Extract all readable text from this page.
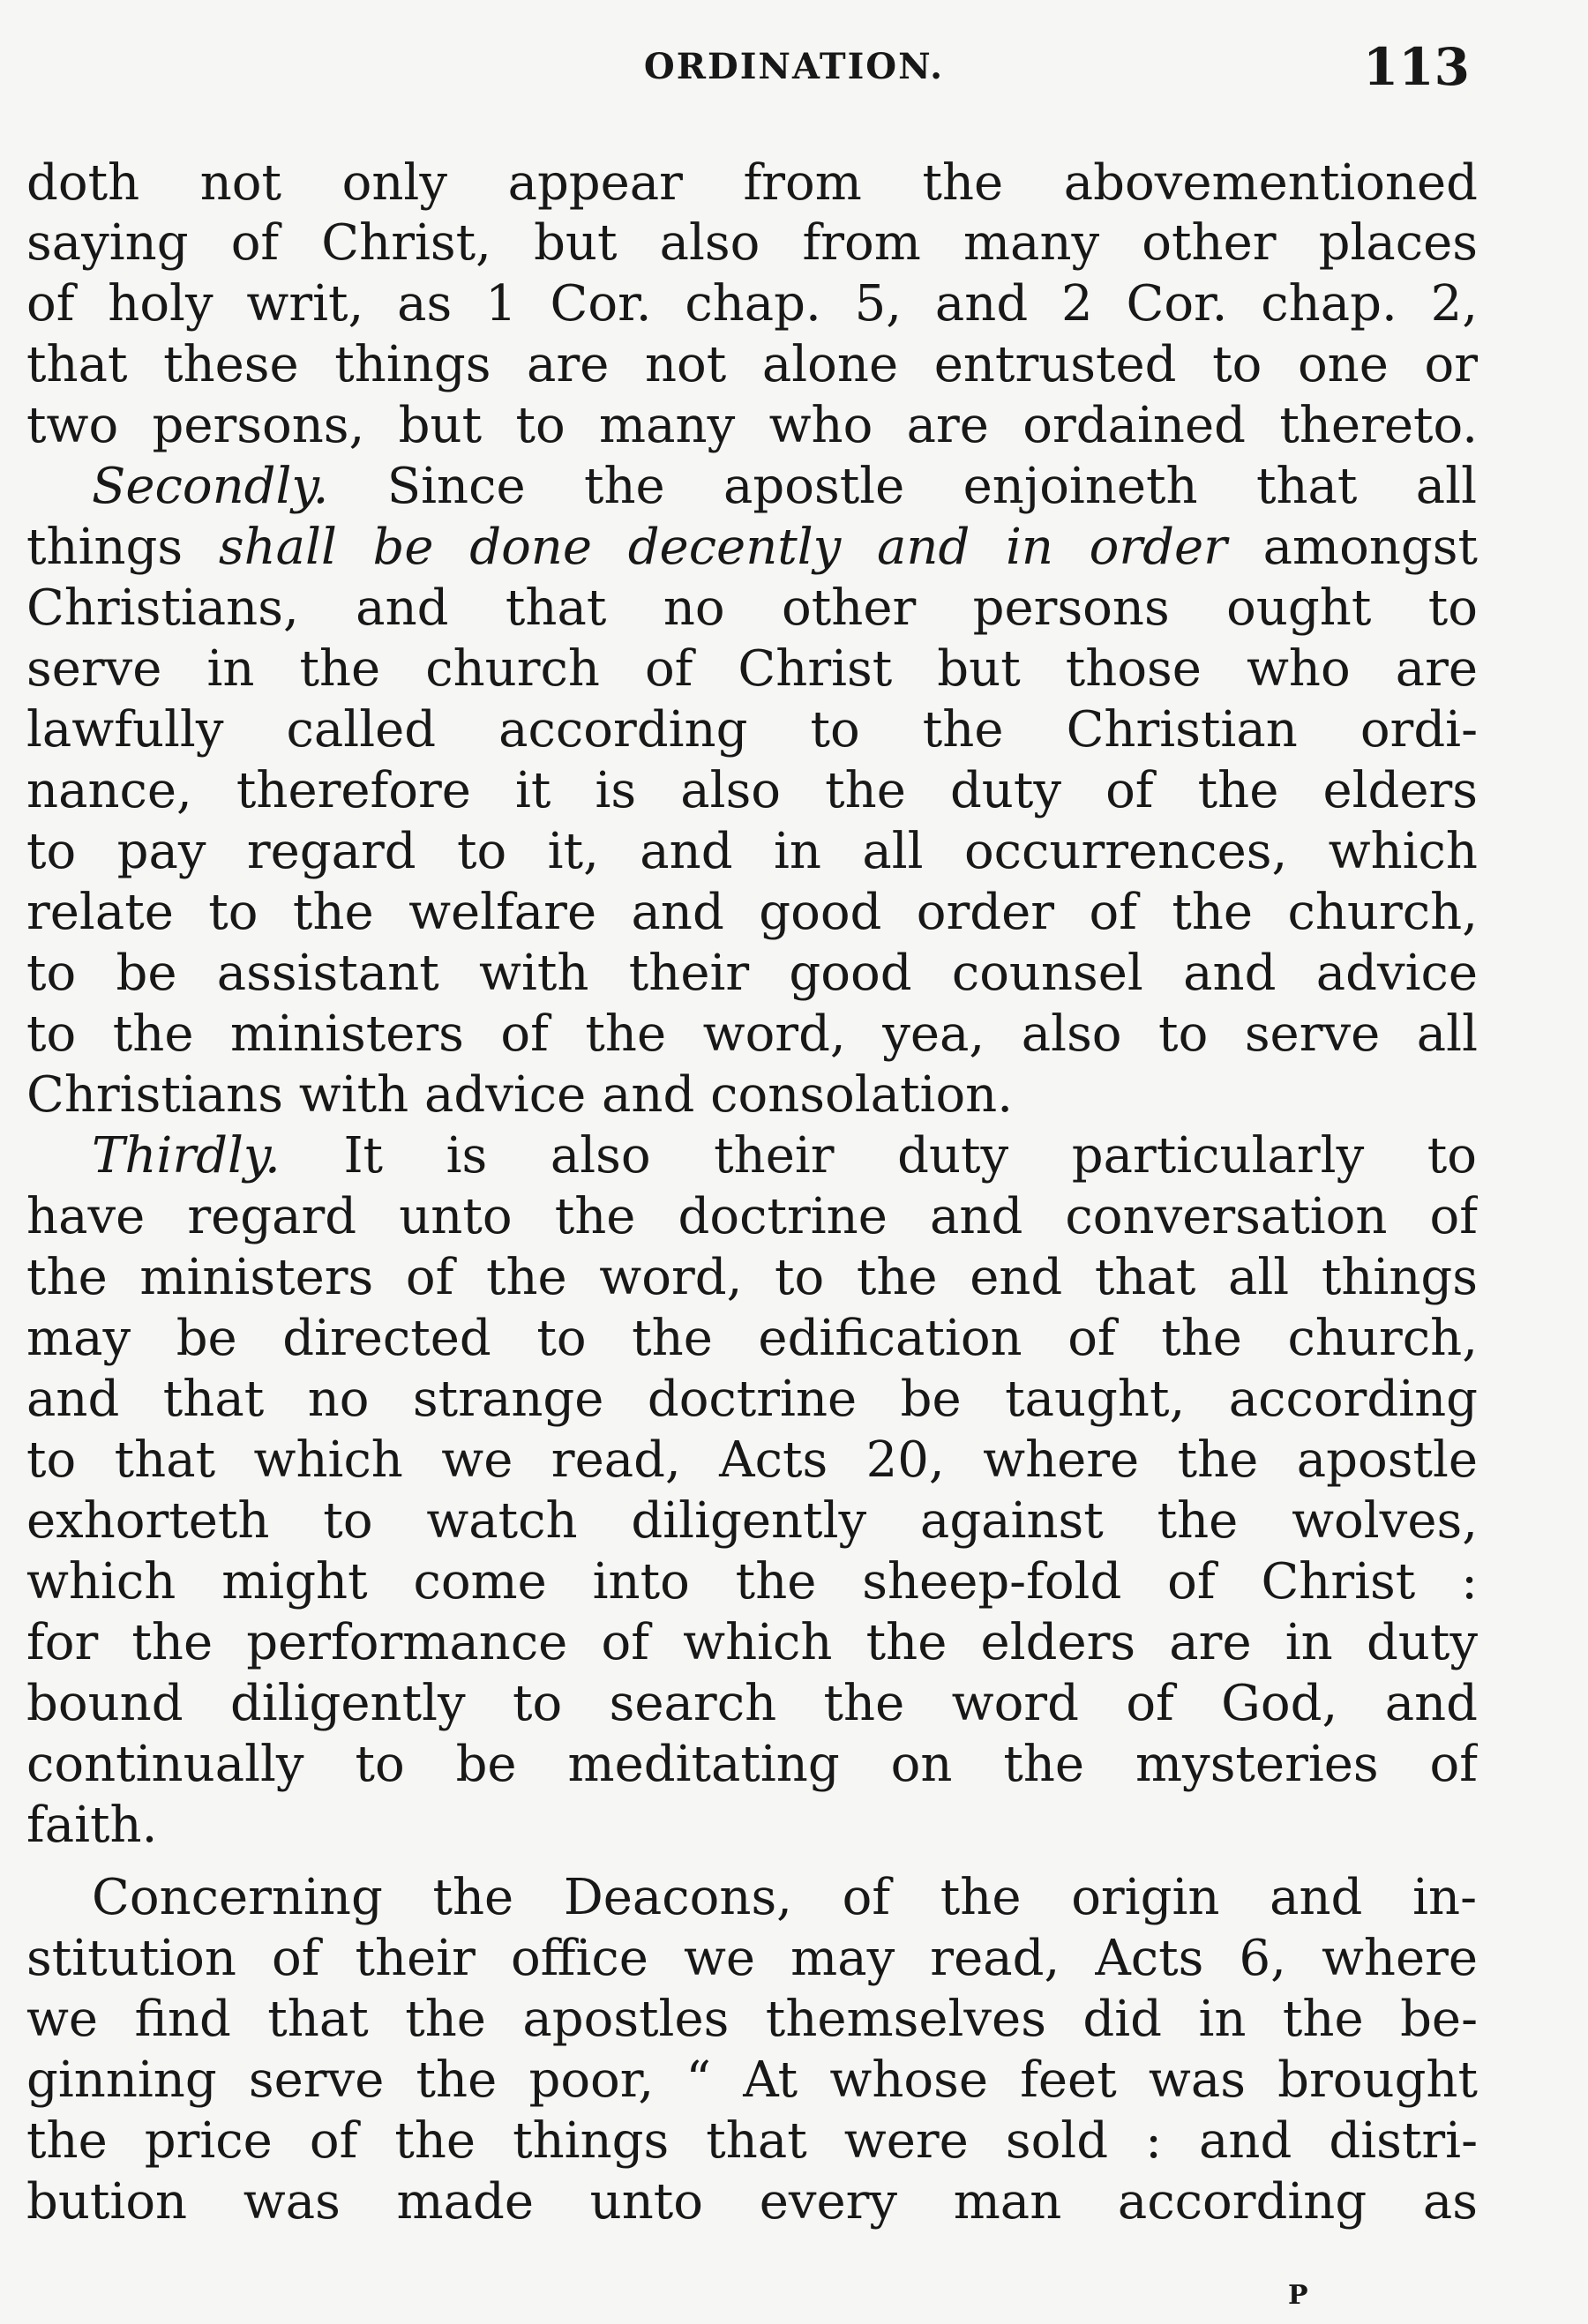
ORDINATION.	113
doth not only appear from the abovementioned
saying of Christ, but also from many other places
of holy writ, as 1 Cor. chap. 5, and 2 Cor. chap. 2,
that these things are not alone entrusted to one or
two persons, but to many who are ordained thereto.
Secondly. Since the apostle enjoineth that all
things shall be done decently and in order amongst
Christians, and that no other persons ought to
serve in the church of Christ but those who are
lawfully called according to the Christian ordi-
nance, therefore it is also the duty of the elders
to pay regard to it, and in all occurrences, which
relate to the welfare and good order of the church,
to be assistant with their good counsel and advice
to the ministers of the word, yea, also to serve all
Christians with advice and consolation.
Thirdly. It is also their duty particularly to
have regard unto the doctrine and conversation of
the ministers of the word, to the end that all things
may be directed to the edification of the church,
and that no strange doctrine be taught, according
to that which we read, Acts 20, where the apostle
exhorteth to watch diligently against the wolves,
which might come into the sheep-fold of Christ :
for the performance of which the elders are in duty
bound diligently to search the word of God, and
continually to be meditating on the mysteries of
faith.
Concerning the Deacons, of the origin and in-
stitution of their office we may read, Acts 6, where
we find that the apostles themselves did in the be-
ginning serve the poor, “ At whose feet was brought
the price of the things that were sold : and distri-
bution was made unto every man according as
P
